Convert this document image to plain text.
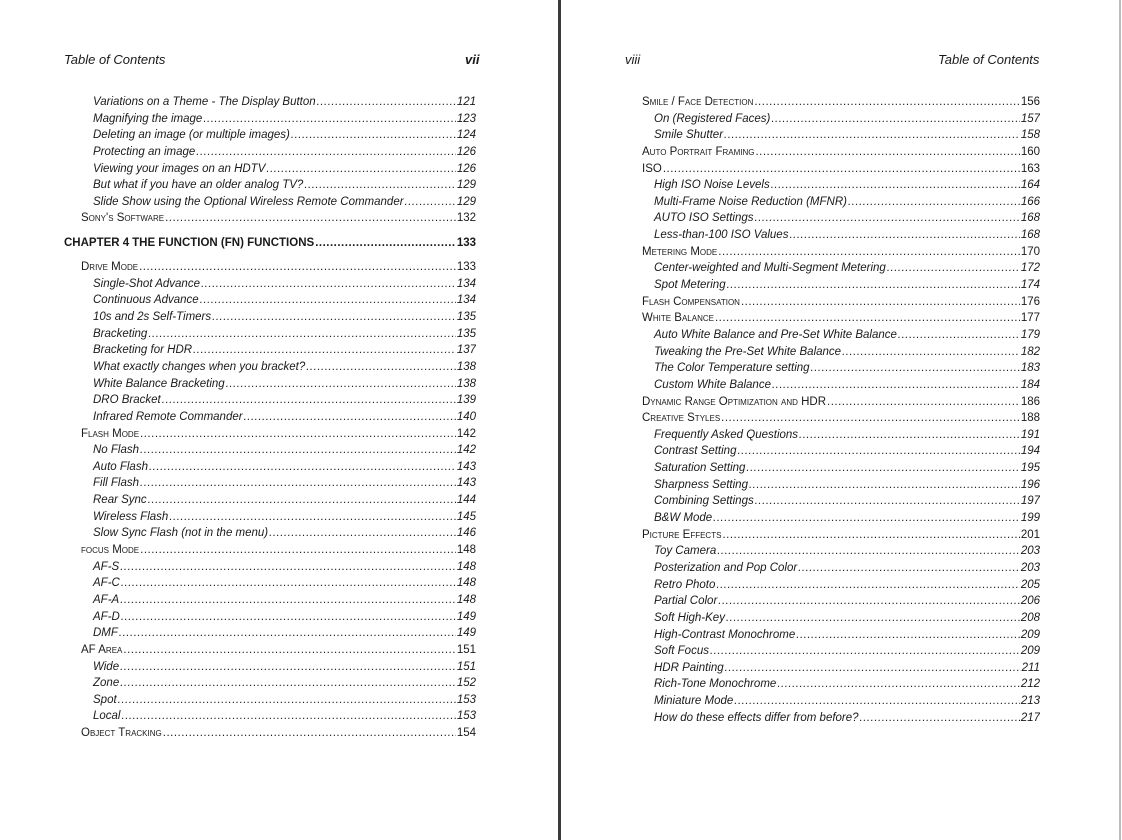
Table of Contents	vii
Variations on a Theme - The Display Button .....	121
Magnifying the image .....	123
Deleting an image (or multiple images) .....	124
Protecting an image .....	126
Viewing your images on an HDTV .....	126
But what if you have an older analog TV? .....	129
Slide Show using the Optional Wireless Remote Commander .....	129
Sony's Software .....	132
CHAPTER 4 THE FUNCTION (FN) FUNCTIONS .....	133
Drive Mode .....	133
Single-Shot Advance .....	134
Continuous Advance .....	134
10s and 2s Self-Timers .....	135
Bracketing .....	135
Bracketing for HDR .....	137
What exactly changes when you bracket? .....	138
White Balance Bracketing .....	138
DRO Bracket .....	139
Infrared Remote Commander .....	140
Flash Mode .....	142
No Flash .....	142
Auto Flash .....	143
Fill Flash .....	143
Rear Sync .....	144
Wireless Flash .....	145
Slow Sync Flash (not in the menu) .....	146
focus Mode .....	148
AF-S .....	148
AF-C .....	148
AF-A .....	148
AF-D .....	149
DMF .....	149
AF Area .....	151
Wide .....	151
Zone .....	152
Spot .....	153
Local .....	153
Object Tracking .....	154
viii	Table of Contents
Smile / Face Detection .....	156
On (Registered Faces) .....	157
Smile Shutter .....	158
Auto Portrait Framing .....	160
ISO .....	163
High ISO Noise Levels .....	164
Multi-Frame Noise Reduction (MFNR) .....	166
AUTO ISO Settings .....	168
Less-than-100 ISO Values .....	168
Metering Mode .....	170
Center-weighted and Multi-Segment Metering .....	172
Spot Metering .....	174
Flash Compensation .....	176
White Balance .....	177
Auto White Balance and Pre-Set White Balance .....	179
Tweaking the Pre-Set White Balance .....	182
The Color Temperature setting .....	183
Custom White Balance .....	184
Dynamic Range Optimization and HDR .....	186
Creative Styles .....	188
Frequently Asked Questions .....	191
Contrast Setting .....	194
Saturation Setting .....	195
Sharpness Setting .....	196
Combining Settings .....	197
B&W Mode .....	199
Picture Effects .....	201
Toy Camera .....	203
Posterization and Pop Color .....	203
Retro Photo .....	205
Partial Color .....	206
Soft High-Key .....	208
High-Contrast Monochrome .....	209
Soft Focus .....	209
HDR Painting .....	211
Rich-Tone Monochrome .....	212
Miniature Mode .....	213
How do these effects differ from before? .....	217
